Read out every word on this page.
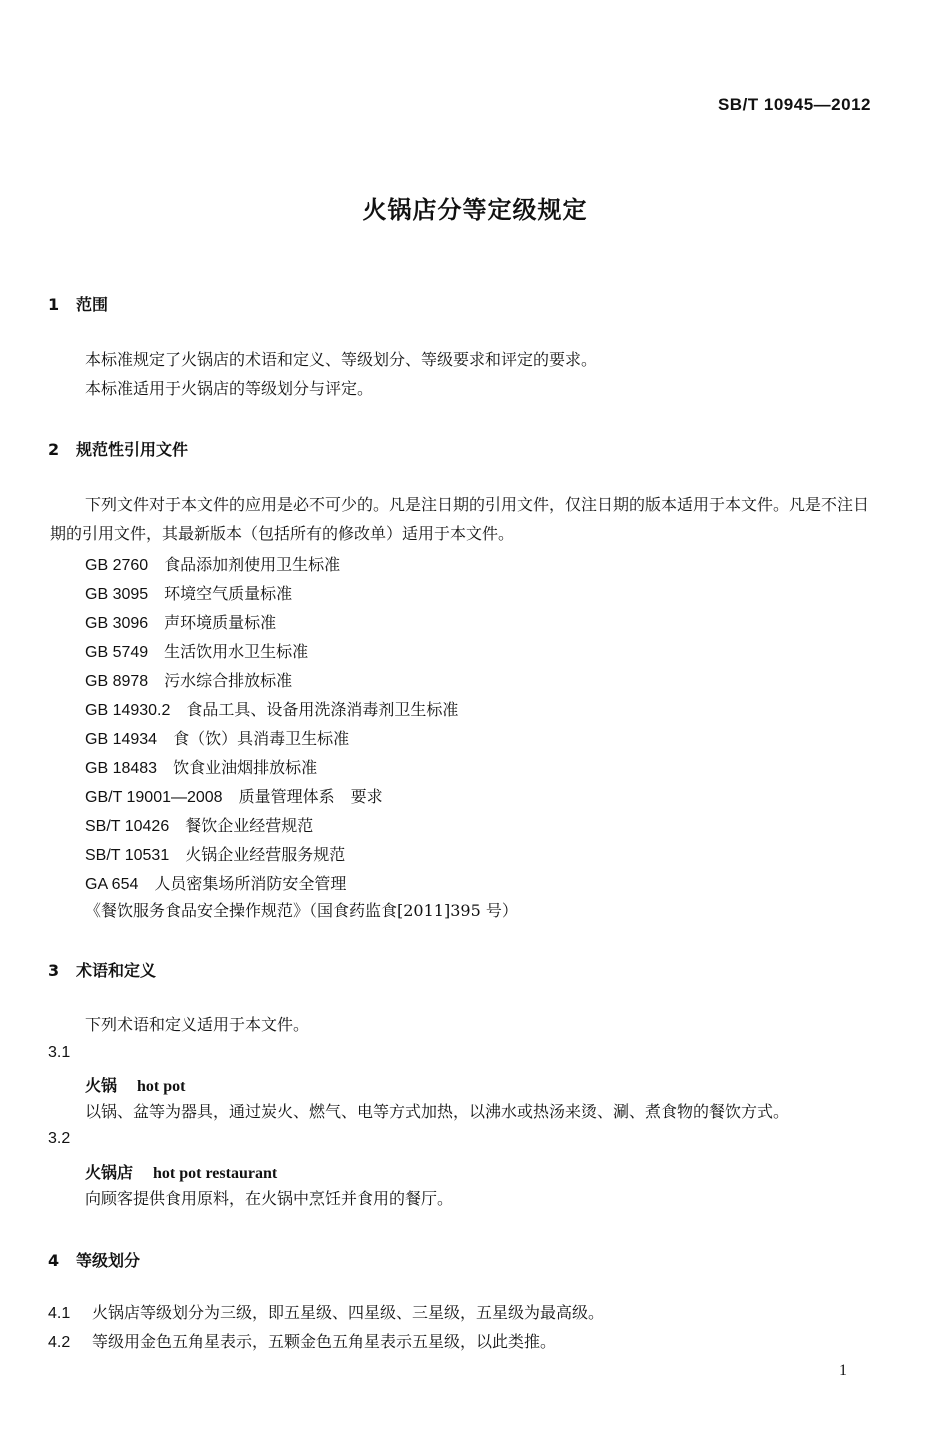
SB/T 10945—2012
火锅店分等定级规定
1 范围
本标准规定了火锅店的术语和定义、等级划分、等级要求和评定的要求。
本标准适用于火锅店的等级划分与评定。
2 规范性引用文件
下列文件对于本文件的应用是必不可少的。凡是注日期的引用文件，仅注日期的版本适用于本文件。凡是不注日期的引用文件，其最新版本（包括所有的修改单）适用于本文件。
GB 2760 食品添加剂使用卫生标准
GB 3095 环境空气质量标准
GB 3096 声环境质量标准
GB 5749 生活饮用水卫生标准
GB 8978 污水综合排放标准
GB 14930.2 食品工具、设备用洗涤消毒剂卫生标准
GB 14934 食（饮）具消毒卫生标准
GB 18483 饮食业油烟排放标准
GB/T 19001—2008 质量管理体系　要求
SB/T 10426 餐饮企业经营规范
SB/T 10531 火锅企业经营服务规范
GA 654 人员密集场所消防安全管理
《餐饮服务食品安全操作规范》（国食药监食[2011]395 号）
3 术语和定义
下列术语和定义适用于本文件。
3.1
火锅 hot pot
以锅、盆等为器具，通过炭火、燃气、电等方式加热，以沸水或热汤来烫、涮、煮食物的餐饮方式。
3.2
火锅店 hot pot restaurant
向顾客提供食用原料，在火锅中烹饪并食用的餐厅。
4 等级划分
4.1 火锅店等级划分为三级，即五星级、四星级、三星级，五星级为最高级。
4.2 等级用金色五角星表示，五颗金色五角星表示五星级，以此类推。
1
